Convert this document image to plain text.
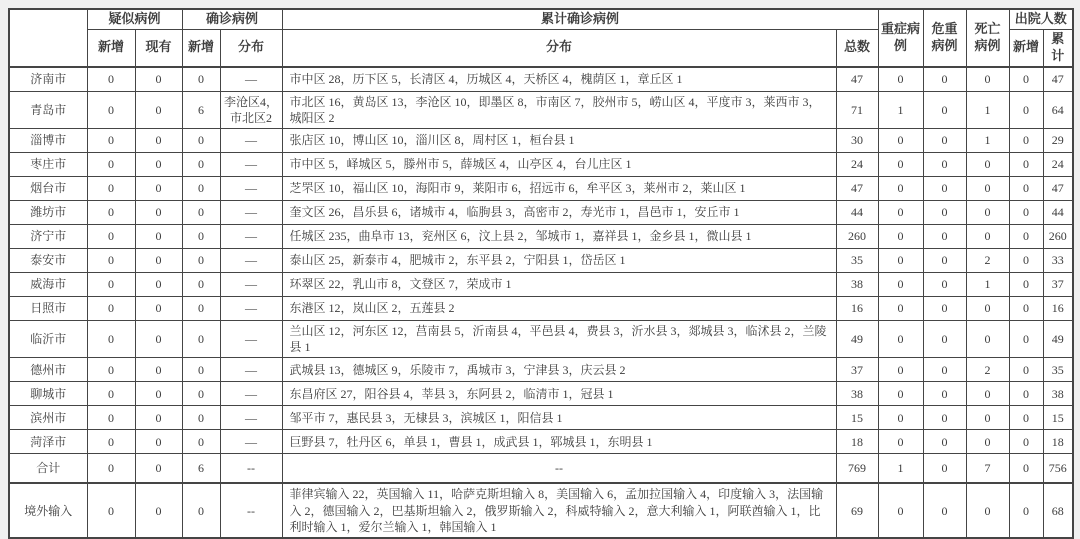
	疑似病例		确诊病例		累计确诊病例		重症病例	危重病例	死亡病例	出院人数	
	新增	现有	新增	分布	分布	总数				新增	累计
济南市	0	0	0	—	市中区 28，历下区 5，长清区 4，历城区 4，天桥区 4，槐荫区 1，章丘区 1	47	0	0	0	0	47
青岛市	0	0	6	李沧区4，市北区2	市北区 16，黄岛区 13，李沧区 10，即墨区 8，市南区 7，胶州市 5，崂山区 4，平度市 3，莱西市 3，城阳区 2	71	1	0	1	0	64
淄博市	0	0	0	—	张店区 10，博山区 10，淄川区 8，周村区 1，桓台县 1	30	0	0	1	0	29
枣庄市	0	0	0	—	市中区 5，峄城区 5，滕州市 5，薛城区 4，山亭区 4，台儿庄区 1	24	0	0	0	0	24
烟台市	0	0	0	—	芝罘区 10，福山区 10，海阳市 9，莱阳市 6，招远市 6，牟平区 3，莱州市 2，莱山区 1	47	0	0	0	0	47
潍坊市	0	0	0	—	奎文区 26，昌乐县 6，诸城市 4，临朐县 3，高密市 2，寿光市 1，昌邑市 1，安丘市 1	44	0	0	0	0	44
济宁市	0	0	0	—	任城区 235，曲阜市 13，兖州区 6，汶上县 2，邹城市 1，嘉祥县 1，金乡县 1，微山县 1	260	0	0	0	0	260
泰安市	0	0	0	—	泰山区 25，新泰市 4，肥城市 2，东平县 2，宁阳县 1，岱岳区 1	35	0	0	2	0	33
威海市	0	0	0	—	环翠区 22，乳山市 8，文登区 7，荣成市 1	38	0	0	1	0	37
日照市	0	0	0	—	东港区 12，岚山区 2，五莲县 2	16	0	0	0	0	16
临沂市	0	0	0	—	兰山区 12，河东区 12，莒南县 5，沂南县 4，平邑县 4，费县 3，沂水县 3，郯城县 3，临沭县 2，兰陵县 1	49	0	0	0	0	49
德州市	0	0	0	—	武城县 13，德城区 9，乐陵市 7，禹城市 3，宁津县 3，庆云县 2	37	0	0	2	0	35
聊城市	0	0	0	—	东昌府区 27，阳谷县 4，莘县 3，东阿县 2，临清市 1，冠县 1	38	0	0	0	0	38
滨州市	0	0	0	—	邹平市 7，惠民县 3，无棣县 3，滨城区 1，阳信县 1	15	0	0	0	0	15
菏泽市	0	0	0	—	巨野县 7，牡丹区 6，单县 1，曹县 1，成武县 1，郓城县 1，东明县 1	18	0	0	0	0	18
合计	0	0	6	--	--	769	1	0	7	0	756
境外输入	0	0	0	--	菲律宾输入 22，英国输入 11，哈萨克斯坦输入 8，美国输入 6，孟加拉国输入 4，印度输入 3，法国输入 2，德国输入 2，巴基斯坦输入 2，俄罗斯输入 2，科威特输入 2，意大利输入 1，阿联酋输入 1，比利时输入 1，爱尔兰输入 1，韩国输入 1	69	0	0	0	0	68
